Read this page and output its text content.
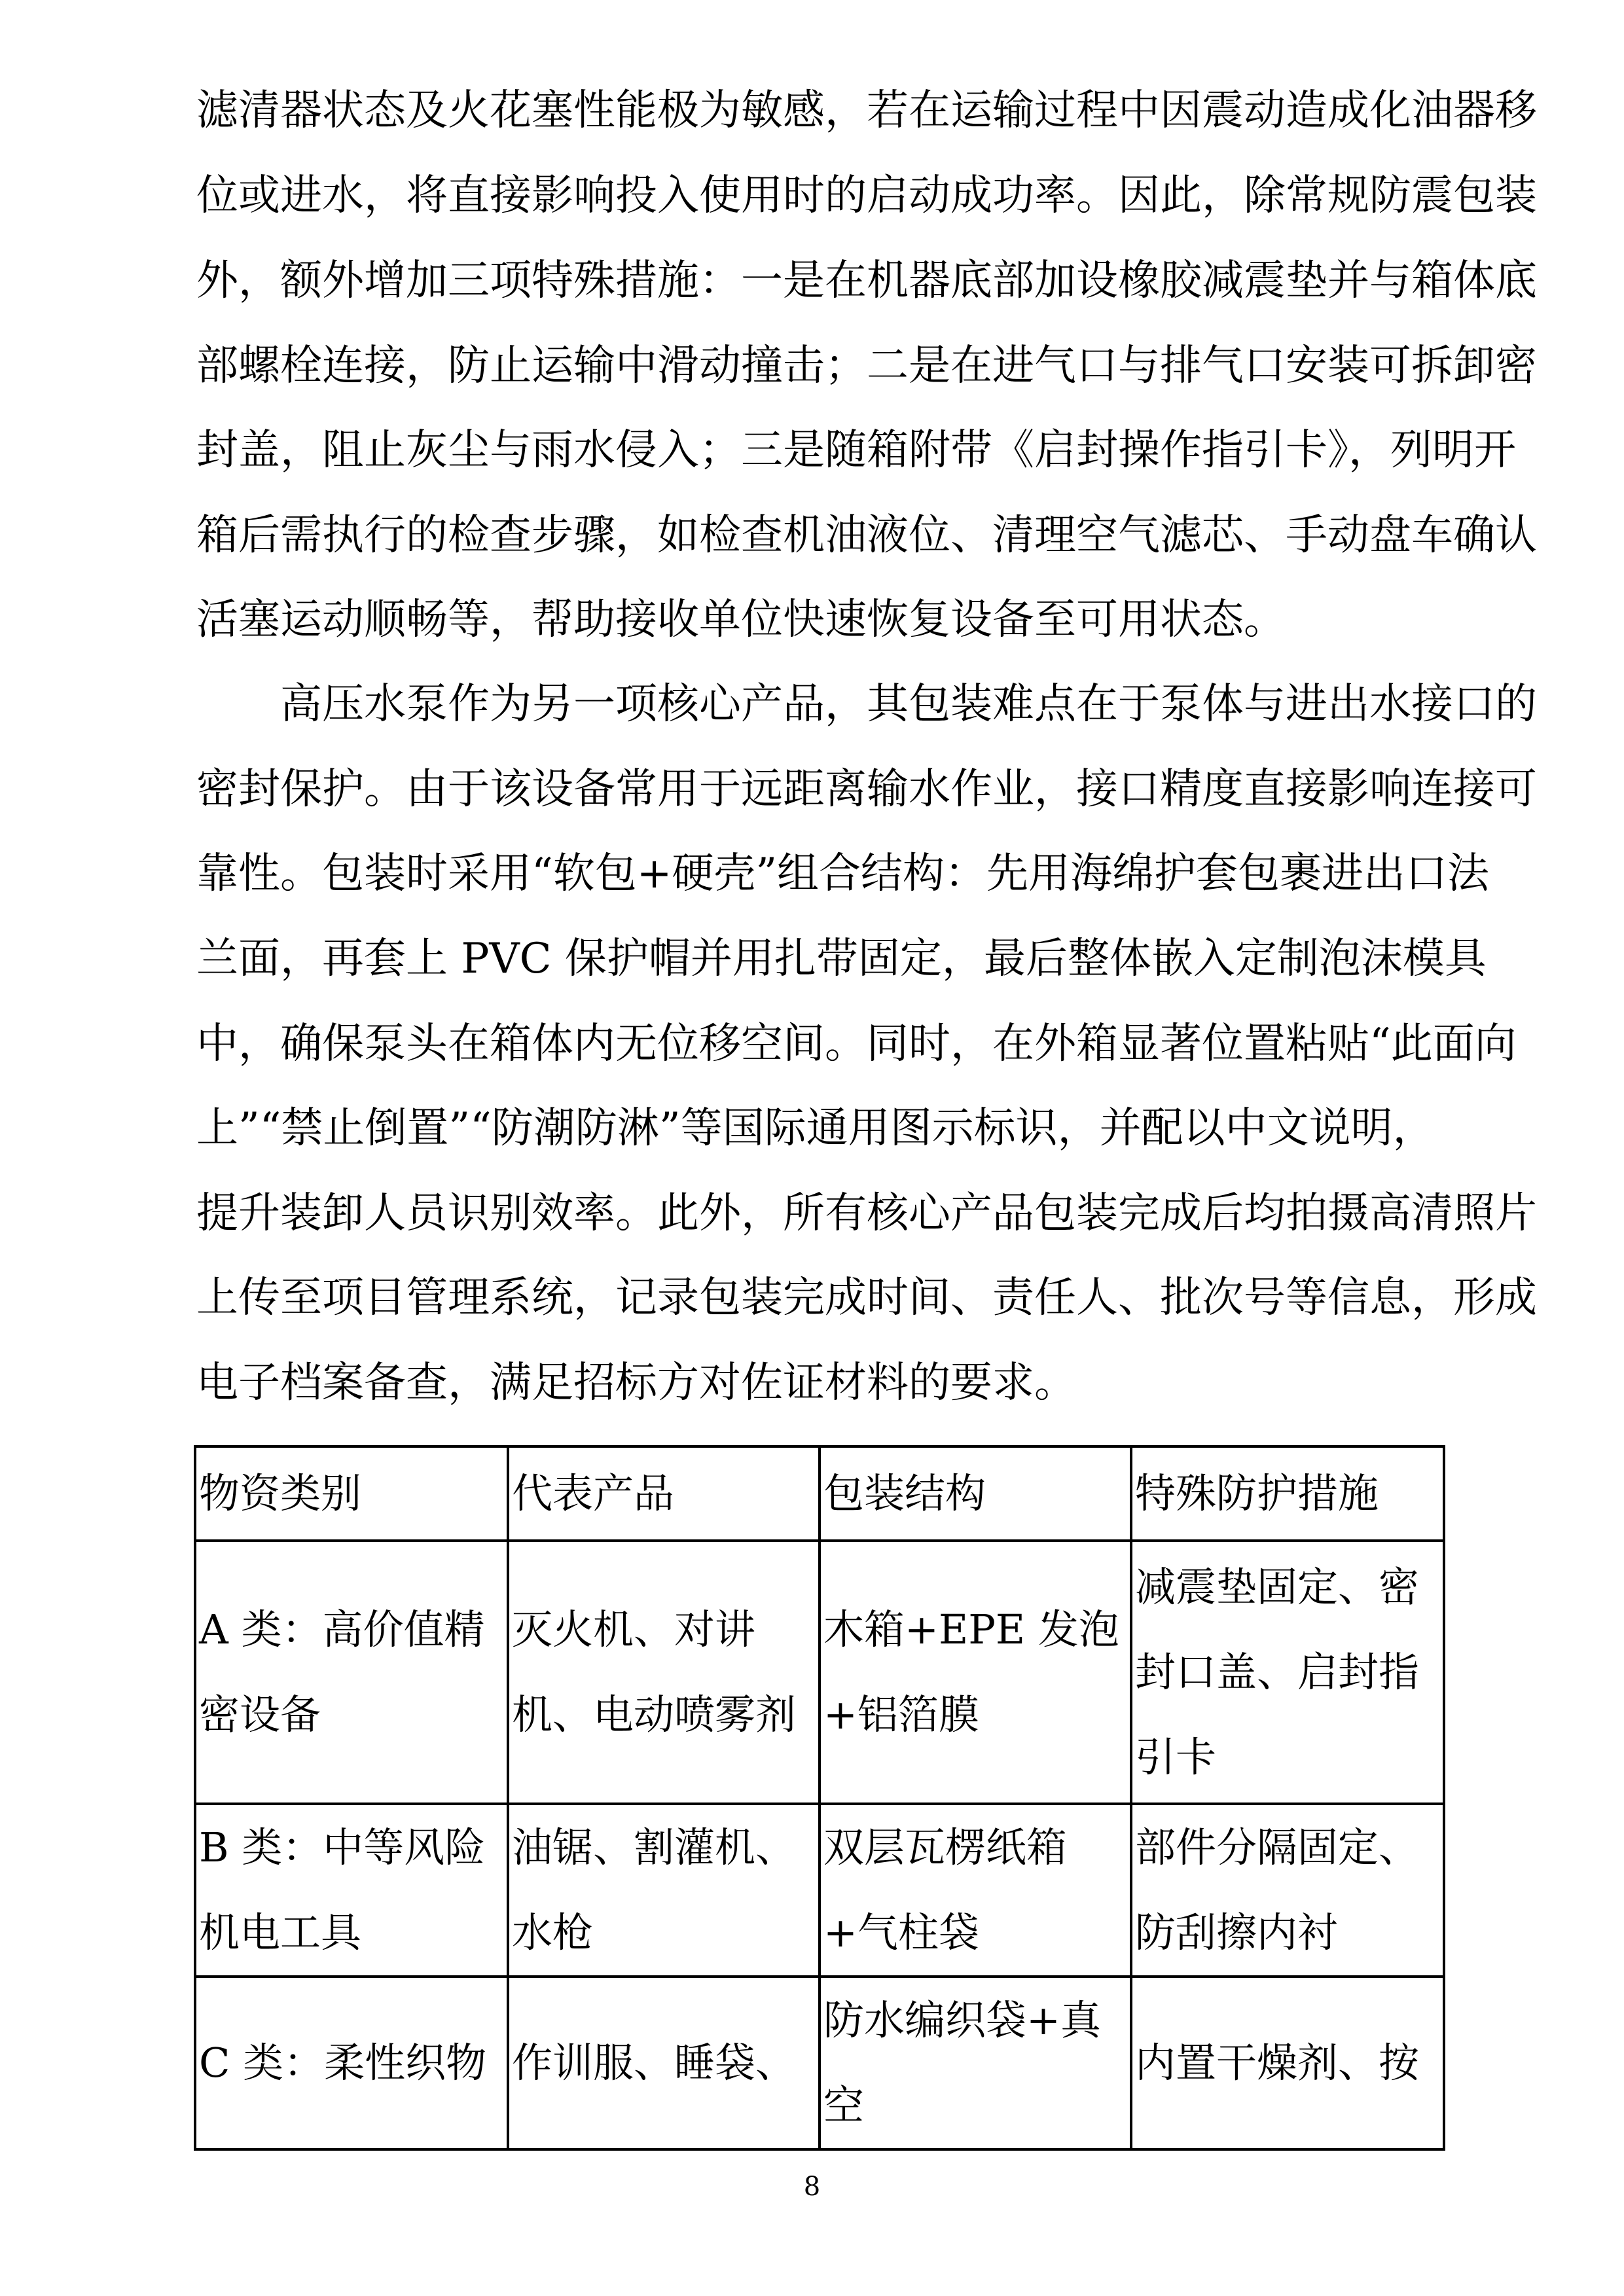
滤清器状态及火花塞性能极为敏感，若在运输过程中因震动造成化油器移
位或进水，将直接影响投入使用时的启动成功率。因此，除常规防震包装
外，额外增加三项特殊措施：一是在机器底部加设橡胶减震垫并与箱体底
部螺栓连接，防止运输中滑动撞击；二是在进气口与排气口安装可拆卸密
封盖，阻止灰尘与雨水侵入；三是随箱附带《启封操作指引卡》，列明开
箱后需执行的检查步骤，如检查机油液位、清理空气滤芯、手动盘车确认
活塞运动顺畅等，帮助接收单位快速恢复设备至可用状态。
高压水泵作为另一项核心产品，其包装难点在于泵体与进出水接口的
密封保护。由于该设备常用于远距离输水作业，接口精度直接影响连接可
靠性。包装时采用“软包+硬壳”组合结构：先用海绵护套包裹进出口法
兰面，再套上 PVC 保护帽并用扎带固定，最后整体嵌入定制泡沫模具
中，确保泵头在箱体内无位移空间。同时，在外箱显著位置粘贴“此面向
上”“禁止倒置”“防潮防淋”等国际通用图示标识，并配以中文说明，
提升装卸人员识别效率。此外，所有核心产品包装完成后均拍摄高清照片
上传至项目管理系统，记录包装完成时间、责任人、批次号等信息，形成
电子档案备查，满足招标方对佐证材料的要求。
物资类别	代表产品	包装结构	特殊防护措施
A 类：高价值精密设备	灭火机、对讲机、电动喷雾剂	木箱+EPE 发泡+铝箔膜	减震垫固定、密封口盖、启封指引卡
B 类：中等风险机电工具	油锯、割灌机、水枪	双层瓦楞纸箱+气柱袋	部件分隔固定、防刮擦内衬
C 类：柔性织物	作训服、睡袋、	防水编织袋+真空	内置干燥剂、按
8
